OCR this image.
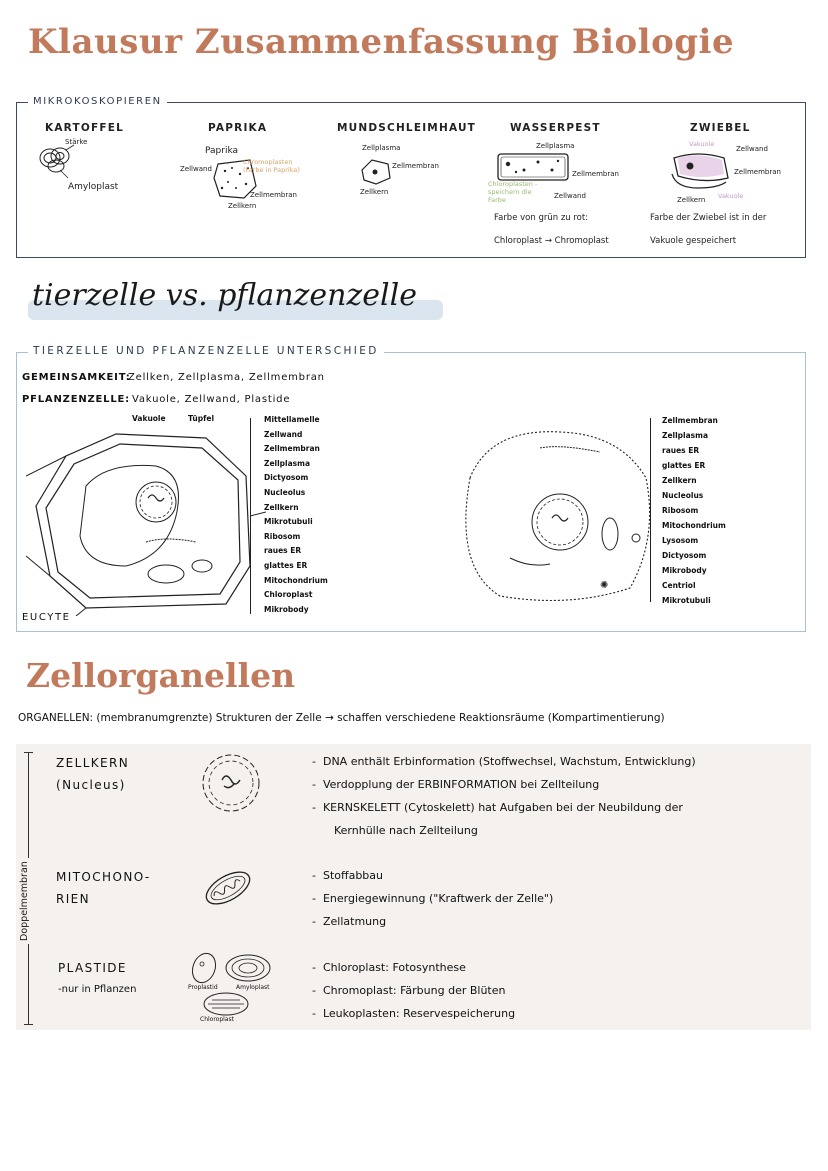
Klausur Zusammenfassung Biologie
MIKROKOSKOPIEREN
KARTOFFEL
Stärke
Amyloplast
PAPRIKA
Paprika
Zellwand
Chromoplasten (Farbe in Paprika)
Zellmembran
Zellkern
MUNDSCHLEIMHAUT
Zellplasma
Zellmembran
Zellkern
WASSERPEST
Zellplasma
Zellmembran
Chloroplasten -speichern die Farbe	Zellwand
Farbe von grün zu rot:
Chloroplast → Chromoplast
ZWIEBEL
Vakuole
Zellwand
Zellmembran
Zellkern Vakuole
Farbe der Zwiebel ist in der
Vakuole gespeichert
tierzelle vs. pflanzenzelle
TIERZELLE UND PFLANZENZELLE UNTERSCHIED
GEMEINSAMKEIT:
Zellken, Zellplasma, Zellmembran
PFLANZENZELLE: Vakuole, Zellwand, Plastide
Vakuole	Tüpfel	Mittellamelle
Zellwand
Zellmembran
Zellplasma
Dictyosom
Nucleolus
Zellkern
Mikrotubuli
Ribosom
raues ER
glattes ER
Mitochondrium
Chloroplast
Mikrobody
EUCYTE
✺
Zellmembran
Zellplasma
raues ER
glattes ER
Zellkern
Nucleolus
Ribosom
Mitochondrium
Lysosom
Dictyosom
Mikrobody
Centriol
Mikrotubuli
Zellorganellen
ORGANELLEN: (membranumgrenzte) Strukturen der Zelle → schaffen verschiedene Reaktionsräume (Kompartimentierung)
Doppelmembran
ZELLKERN
(Nucleus)
-  DNA enthält Erbinformation (Stoffwechsel, Wachstum, Entwicklung)
-  Verdopplung der ERBINFORMATION bei Zellteilung
-  KERNSKELETT (Cytoskelett) hat Aufgaben bei der Neubildung der
Kernhülle nach Zellteilung
MITOCHONO-
RIEN
-  Stoffabbau
-  Energiegewinnung ("Kraftwerk der Zelle")
-  Zellatmung
PLASTIDE
-nur in Pflanzen	Proplastid	Amyloplast
Chloroplast
-  Chloroplast: Fotosynthese
-  Chromoplast: Färbung der Blüten
-  Leukoplasten: Reservespeicherung
